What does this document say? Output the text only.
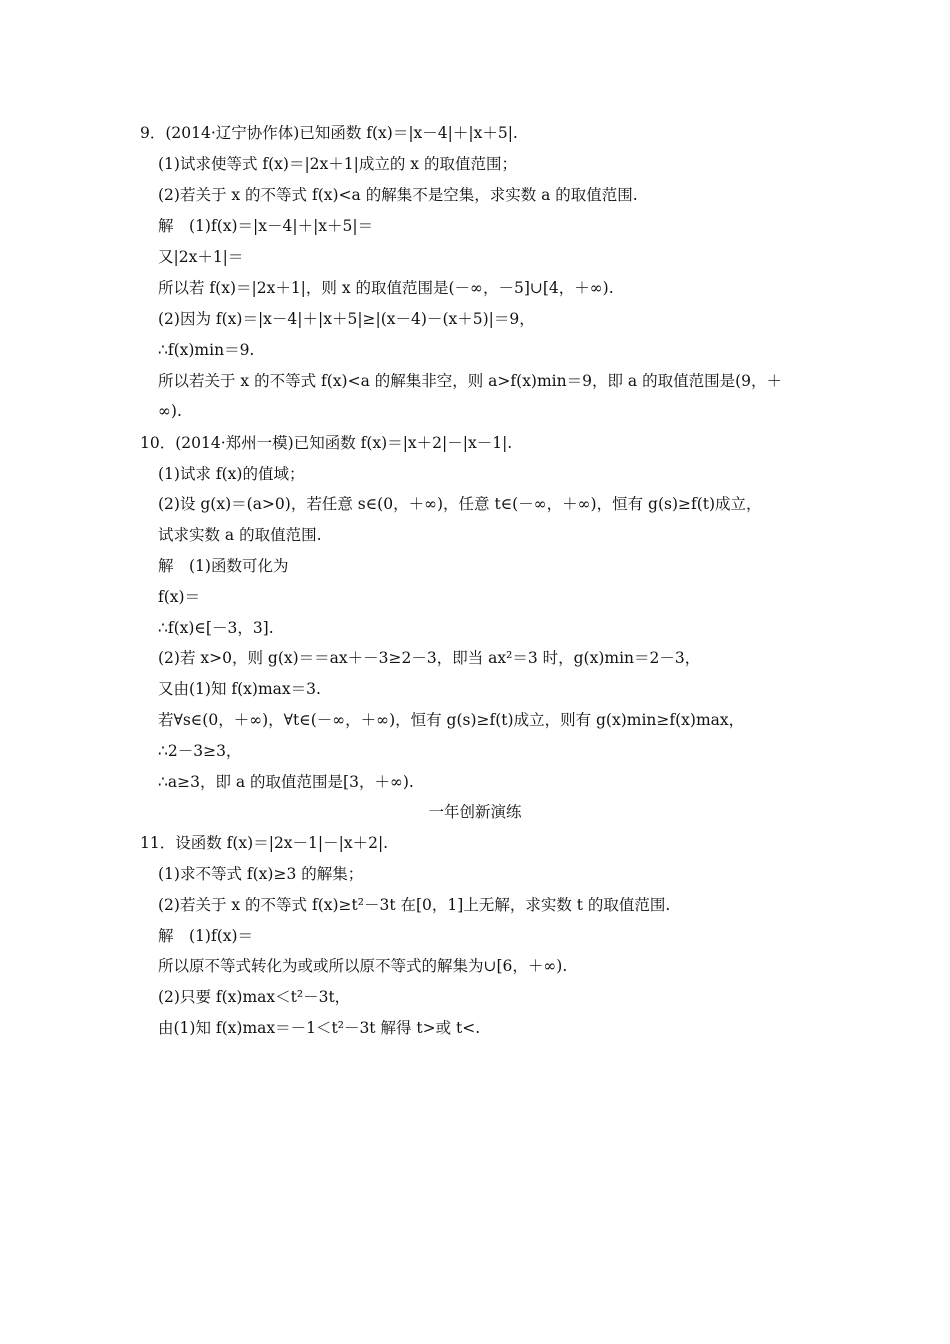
9．(2014·辽宁协作体)已知函数 f(x)＝|x－4|＋|x＋5|.
(1)试求使等式 f(x)＝|2x＋1|成立的 x 的取值范围；
(2)若关于 x 的不等式 f(x)<a 的解集不是空集，求实数 a 的取值范围.
解　(1)f(x)＝|x－4|＋|x＋5|＝
又|2x＋1|＝
所以若 f(x)＝|2x＋1|，则 x 的取值范围是(－∞，－5]∪[4，＋∞).
(2)因为 f(x)＝|x－4|＋|x＋5|≥|(x－4)－(x＋5)|＝9，
∴f(x)min＝9.
所以若关于 x 的不等式 f(x)<a 的解集非空，则 a>f(x)min＝9，即 a 的取值范围是(9，＋
∞).
10．(2014·郑州一模)已知函数 f(x)＝|x＋2|－|x－1|.
(1)试求 f(x)的值域；
(2)设 g(x)＝(a>0)，若任意 s∈(0，＋∞)，任意 t∈(－∞，＋∞)，恒有 g(s)≥f(t)成立，
试求实数 a 的取值范围.
解　(1)函数可化为
f(x)＝
∴f(x)∈[－3，3].
(2)若 x>0，则 g(x)＝＝ax＋－3≥2－3，即当 ax²＝3 时，g(x)min＝2－3，
又由(1)知 f(x)max＝3.
若∀s∈(0，＋∞)，∀t∈(－∞，＋∞)，恒有 g(s)≥f(t)成立，则有 g(x)min≥f(x)max，
∴2－3≥3，
∴a≥3，即 a 的取值范围是[3，＋∞).
一年创新演练
11．设函数 f(x)＝|2x－1|－|x＋2|.
(1)求不等式 f(x)≥3 的解集；
(2)若关于 x 的不等式 f(x)≥t²－3t 在[0，1]上无解，求实数 t 的取值范围.
解　(1)f(x)＝
所以原不等式转化为或或所以原不等式的解集为∪[6，＋∞).
(2)只要 f(x)max＜t²－3t，
由(1)知 f(x)max＝－1＜t²－3t 解得 t>或 t<.
